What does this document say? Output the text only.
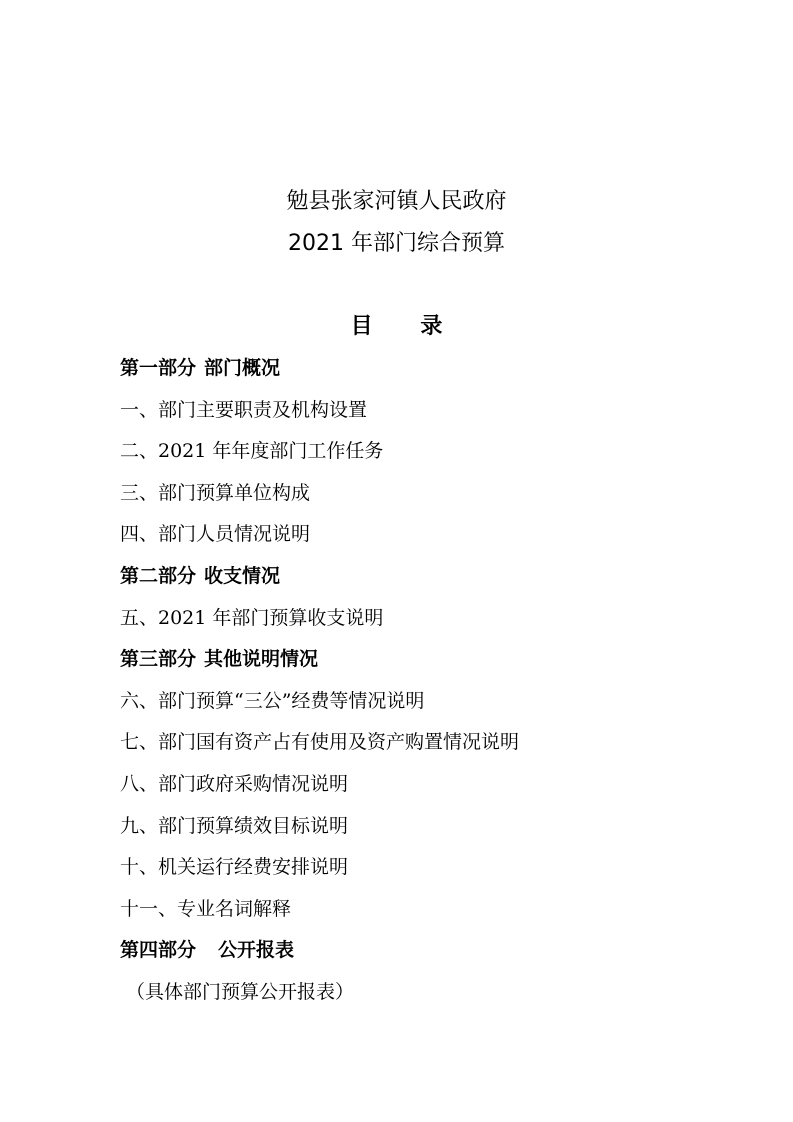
勉县张家河镇人民政府
2021 年部门综合预算
目 录
第一部分 部门概况
一、部门主要职责及机构设置
二、2021 年年度部门工作任务
三、部门预算单位构成
四、部门人员情况说明
第二部分 收支情况
五、2021 年部门预算收支说明
第三部分 其他说明情况
六、部门预算“三公”经费等情况说明
七、部门国有资产占有使用及资产购置情况说明
八、部门政府采购情况说明
九、部门预算绩效目标说明
十、机关运行经费安排说明
十一、专业名词解释
第四部分 公开报表
（具体部门预算公开报表）
